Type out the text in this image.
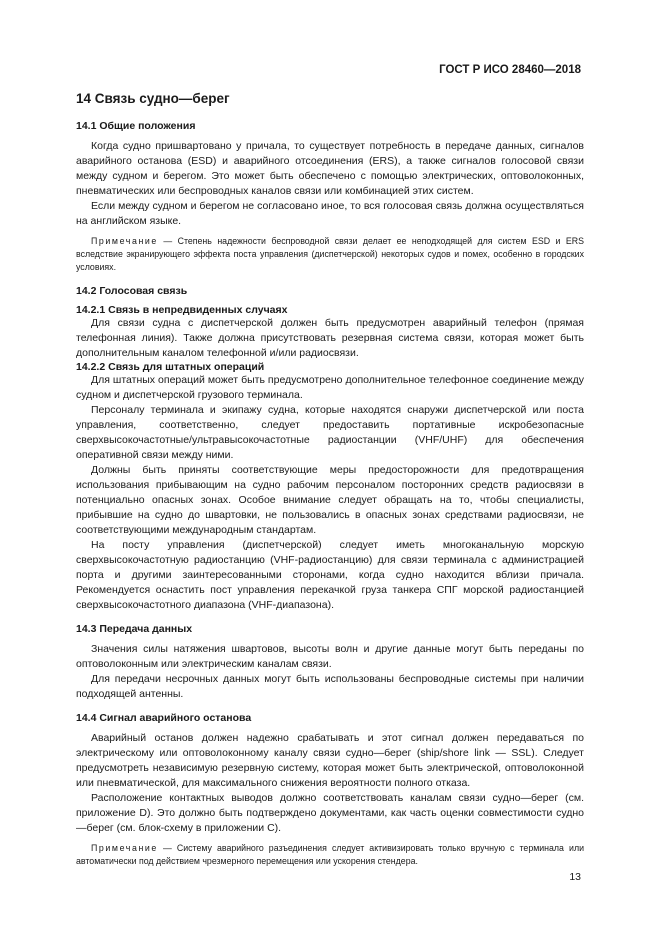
ГОСТ Р ИСО 28460—2018
14 Связь судно—берег
14.1 Общие положения

Когда судно пришвартовано у причала, то существует потребность в передаче данных, сигналов аварийного останова (ESD) и аварийного отсоединения (ERS), а также сигналов голосовой связи между судном и берегом. Это может быть обеспечено с помощью электрических, оптоволоконных, пневматических или беспроводных каналов связи или комбинацией этих систем.

Если между судном и берегом не согласовано иное, то вся голосовая связь должна осуществляться на английском языке.

Примечание — Степень надежности беспроводной связи делает ее неподходящей для систем ESD и ERS вследствие экранирующего эффекта поста управления (диспетчерской) некоторых судов и помех, особенно в городских условиях.

14.2 Голосовая связь
14.2.1 Связь в непредвиденных случаях

Для связи судна с диспетчерской должен быть предусмотрен аварийный телефон (прямая телефонная линия). Также должна присутствовать резервная система связи, которая может быть дополнительным каналом телефонной и/или радиосвязи.

14.2.2 Связь для штатных операций

Для штатных операций может быть предусмотрено дополнительное телефонное соединение между судном и диспетчерской грузового терминала.

Персоналу терминала и экипажу судна, которые находятся снаружи диспетчерской или поста управления, соответственно, следует предоставить портативные искробезопасные сверхвысокочастотные/ультравысокочастотные радиостанции (VHF/UHF) для обеспечения оперативной связи между ними.

Должны быть приняты соответствующие меры предосторожности для предотвращения использования прибывающим на судно рабочим персоналом посторонних средств радиосвязи в потенциально опасных зонах. Особое внимание следует обращать на то, чтобы специалисты, прибывшие на судно до швартовки, не пользовались в опасных зонах средствами радиосвязи, не соответствующими международным стандартам.

На посту управления (диспетчерской) следует иметь многоканальную морскую сверхвысокочастотную радиостанцию (VHF-радиостанцию) для связи терминала с администрацией порта и другими заинтересованными сторонами, когда судно находится вблизи причала. Рекомендуется оснастить пост управления перекачкой груза танкера СПГ морской радиостанцией сверхвысокочастотного диапазона (VHF-диапазона).

14.3 Передача данных

Значения силы натяжения швартовов, высоты волн и другие данные могут быть переданы по оптоволоконным или электрическим каналам связи.

Для передачи несрочных данных могут быть использованы беспроводные системы при наличии подходящей антенны.

14.4 Сигнал аварийного останова

Аварийный останов должен надежно срабатывать и этот сигнал должен передаваться по электрическому или оптоволоконному каналу связи судно—берег (ship/shore link — SSL). Следует предусмотреть независимую резервную систему, которая может быть электрической, оптоволоконной или пневматической, для максимального снижения вероятности полного отказа.

Расположение контактных выводов должно соответствовать каналам связи судно—берег (см. приложение D). Это должно быть подтверждено документами, как часть оценки совместимости судно—берег (см. блок-схему в приложении C).

Примечание — Систему аварийного разъединения следует активизировать только вручную с терминала или автоматически под действием чрезмерного перемещения или ускорения стендера.

13
